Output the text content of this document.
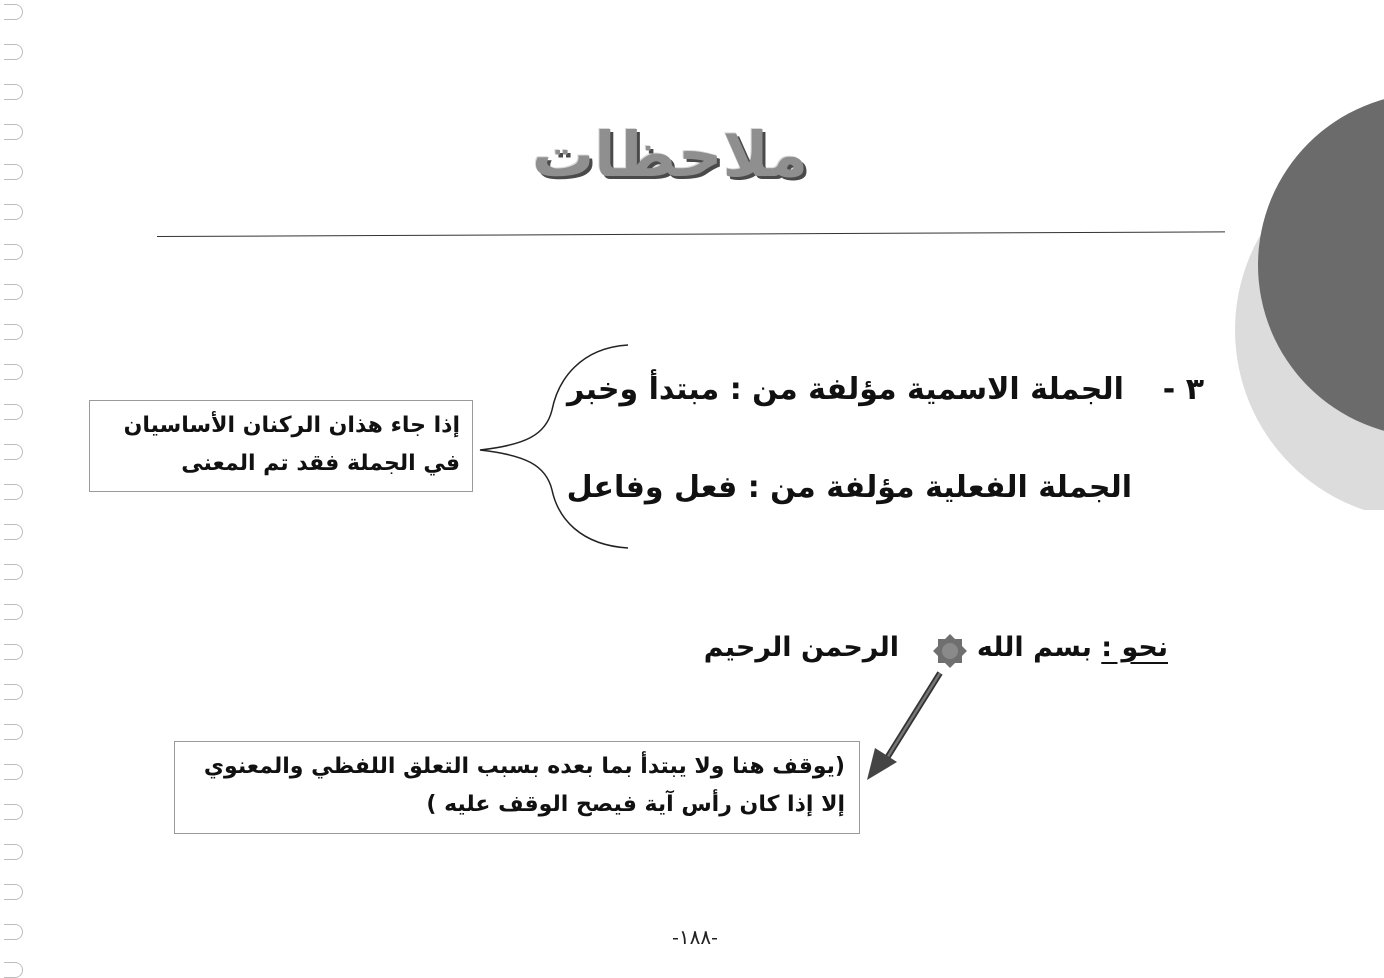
ملاحظات
٣ -  الجملة الاسمية مؤلفة من : مبتدأ وخبر
الجملة الفعلية مؤلفة من : فعل وفاعل
إذا جاء هذان الركنان الأساسيان
في الجملة فقد تم المعنى
نحو : بسم الله
الرحمن الرحيم
(يوقف هنا ولا يبتدأ بما بعده بسبب التعلق اللفظي والمعنوي
إلا إذا كان رأس آية فيصح الوقف عليه )
-١٨٨-
